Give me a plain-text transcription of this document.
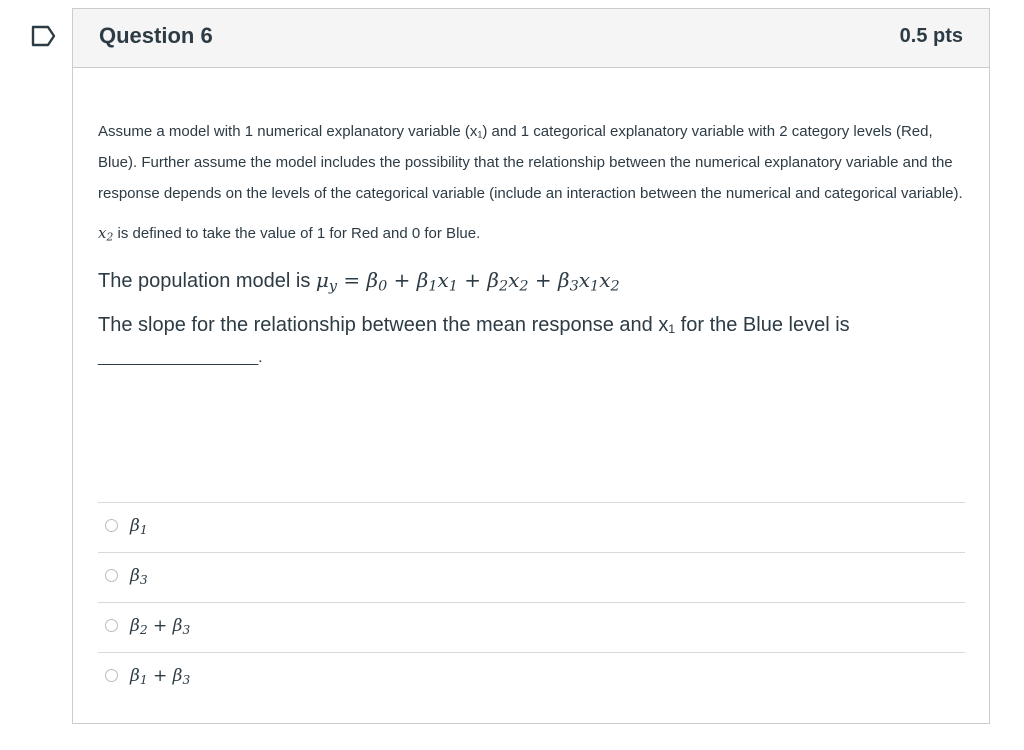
Question 6	0.5 pts

Assume a model with 1 numerical explanatory variable (x₁) and 1 categorical explanatory variable with 2 category levels (Red, Blue). Further assume the model includes the possibility that the relationship between the numerical explanatory variable and the response depends on the levels of the categorical variable (include an interaction between the numerical and categorical variable).

$x_2$ is defined to take the value of 1 for Red and 0 for Blue.
The population model is $\mu_y = \beta_0 + \beta_1x_1 + \beta_2x_2 + \beta_3x_1x_2$
The slope for the relationship between the mean response and x₁ for the Blue level is
__________________.
$\beta_1$
$\beta_3$
$\beta_2 + \beta_3$
$\beta_1 + \beta_3$
